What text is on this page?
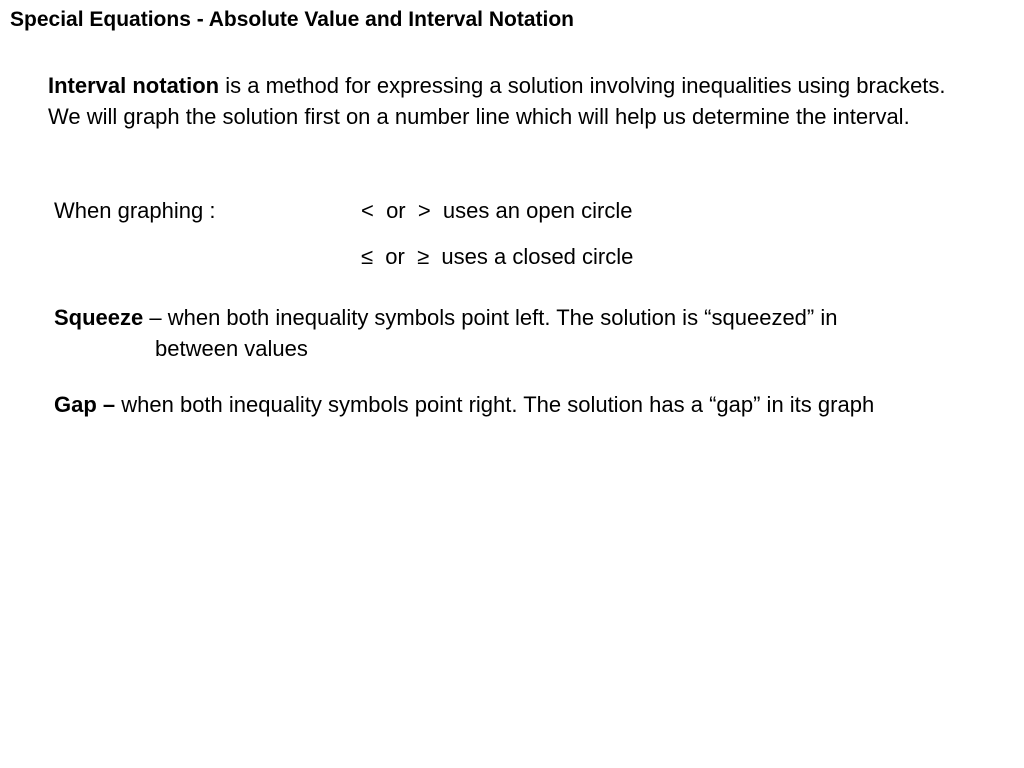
Special Equations - Absolute Value and Interval Notation
Interval notation is a method for expressing a solution involving inequalities using brackets. We will graph the solution first on a number line which will help us determine the interval.
When graphing :	<  or  >  uses an open circle
≤  or  ≥  uses a closed circle
Squeeze – when both inequality symbols point left. The solution is “squeezed” in
between values
Gap – when both inequality symbols point right. The solution has a “gap” in its graph
